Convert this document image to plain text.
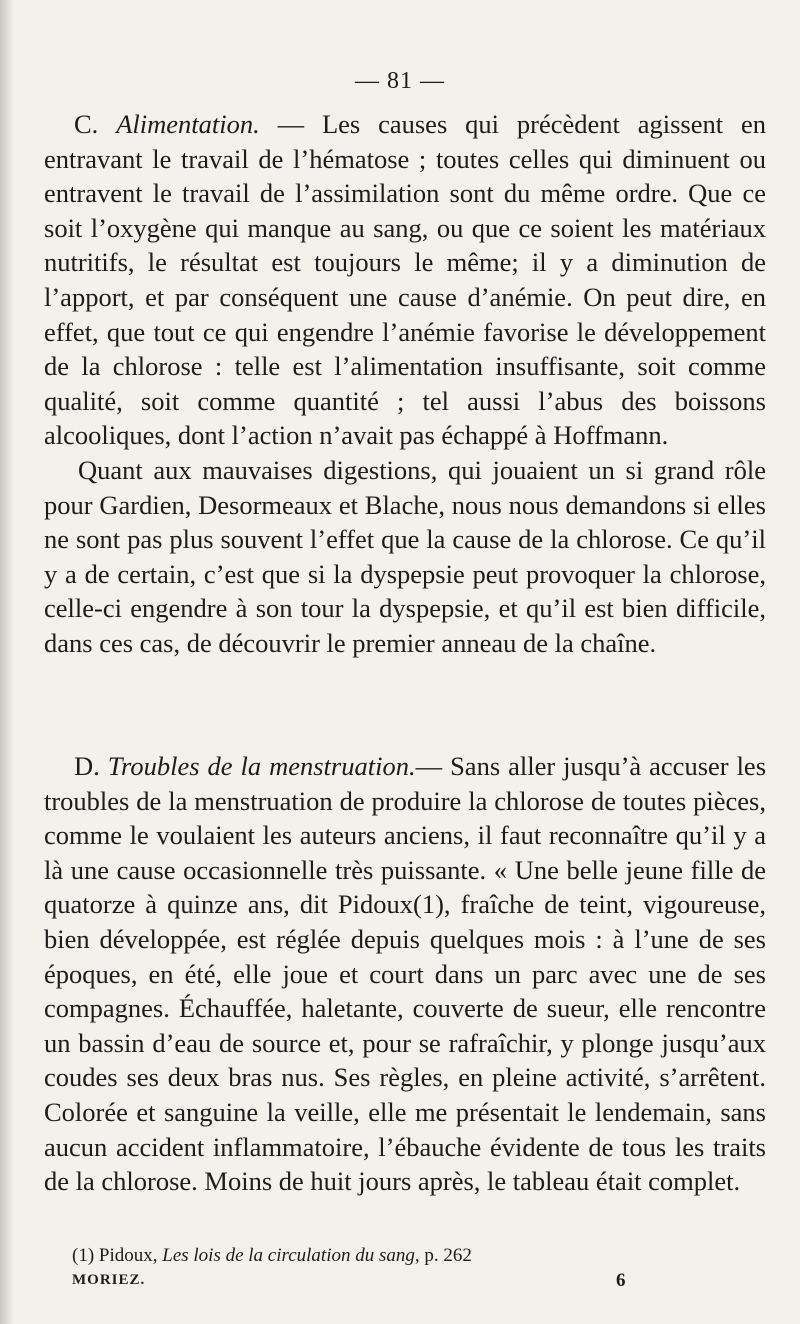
— 81 —

C. Alimentation. — Les causes qui précèdent agissent en entravant le travail de l’hématose ; toutes celles qui diminuent ou entravent le travail de l’assimilation sont du même ordre. Que ce soit l’oxygène qui manque au sang, ou que ce soient les matériaux nutritifs, le résultat est toujours le même; il y a diminution de l’apport, et par conséquent une cause d’anémie. On peut dire, en effet, que tout ce qui engendre l’anémie favorise le développement de la chlorose : telle est l’alimentation insuffisante, soit comme qualité, soit comme quantité ; tel aussi l’abus des boissons alcooliques, dont l’action n’avait pas échappé à Hoffmann.

Quant aux mauvaises digestions, qui jouaient un si grand rôle pour Gardien, Desormeaux et Blache, nous nous demandons si elles ne sont pas plus souvent l’effet que la cause de la chlorose. Ce qu’il y a de certain, c’est que si la dyspepsie peut provoquer la chlorose, celle-ci engendre à son tour la dyspepsie, et qu’il est bien difficile, dans ces cas, de découvrir le premier anneau de la chaîne.

D. Troubles de la menstruation.— Sans aller jusqu’à accuser les troubles de la menstruation de produire la chlorose de toutes pièces, comme le voulaient les auteurs anciens, il faut reconnaître qu’il y a là une cause occasionnelle très puissante. « Une belle jeune fille de quatorze à quinze ans, dit Pidoux(1), fraîche de teint, vigoureuse, bien développée, est réglée depuis quelques mois : à l’une de ses époques, en été, elle joue et court dans un parc avec une de ses compagnes. Échauffée, haletante, couverte de sueur, elle rencontre un bassin d’eau de source et, pour se rafraîchir, y plonge jusqu’aux coudes ses deux bras nus. Ses règles, en pleine activité, s’arrêtent. Colorée et sanguine la veille, elle me présentait le lendemain, sans aucun accident inflammatoire, l’ébauche évidente de tous les traits de la chlorose. Moins de huit jours après, le tableau était complet.

(1) Pidoux, Les lois de la circulation du sang, p. 262
MORIEZ.	6
